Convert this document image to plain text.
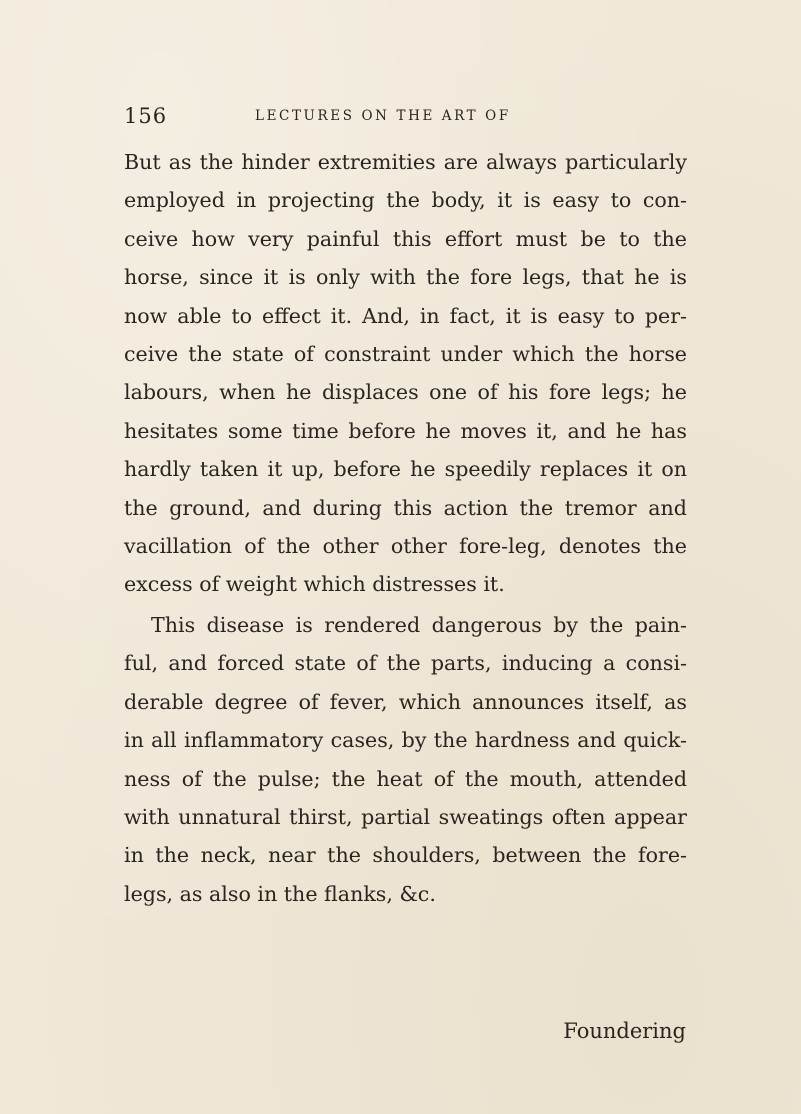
156	LECTURES ON THE ART OF
But as the hinder extremities are always particularly
employed in projecting the body, it is easy to con-
ceive how very painful this effort must be to the
horse, since it is only with the fore legs, that he is
now able to effect it. And, in fact, it is easy to per-
ceive the state of constraint under which the horse
labours, when he displaces one of his fore legs; he
hesitates some time before he moves it, and he has
hardly taken it up, before he speedily replaces it on
the ground, and during this action the tremor and
vacillation of the other other fore-leg, denotes the
excess of weight which distresses it.
This disease is rendered dangerous by the pain-
ful, and forced state of the parts, inducing a consi-
derable degree of fever, which announces itself, as
in all inflammatory cases, by the hardness and quick-
ness of the pulse; the heat of the mouth, attended
with unnatural thirst, partial sweatings often appear
in the neck, near the shoulders, between the fore-
legs, as also in the flanks, &c.
Foundering
